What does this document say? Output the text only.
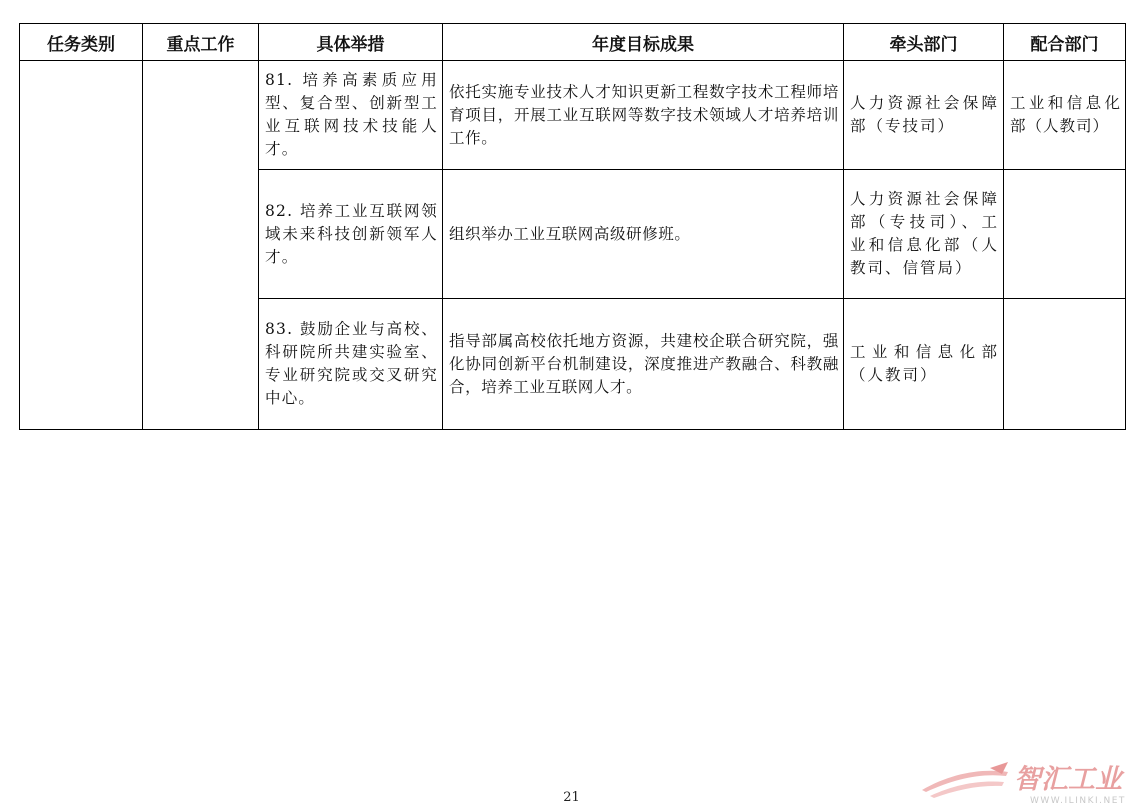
任务类别	重点工作	具体举措	年度目标成果	牵头部门	配合部门
		81. 培养高素质应用型、复合型、创新型工业互联网技术技能人才。	依托实施专业技术人才知识更新工程数字技术工程师培育项目，开展工业互联网等数字技术领域人才培养培训工作。	人力资源社会保障部（专技司）	工业和信息化部（人教司）
		82. 培养工业互联网领域未来科技创新领军人才。	组织举办工业互联网高级研修班。	人力资源社会保障部（专技司）、工业和信息化部（人教司、信管局）	
		83. 鼓励企业与高校、科研院所共建实验室、专业研究院或交叉研究中心。	指导部属高校依托地方资源，共建校企联合研究院，强化协同创新平台机制建设，深度推进产教融合、科教融合，培养工业互联网人才。	工业和信息化部（人教司）	
21
智汇工业
WWW.ILINKI.NET
